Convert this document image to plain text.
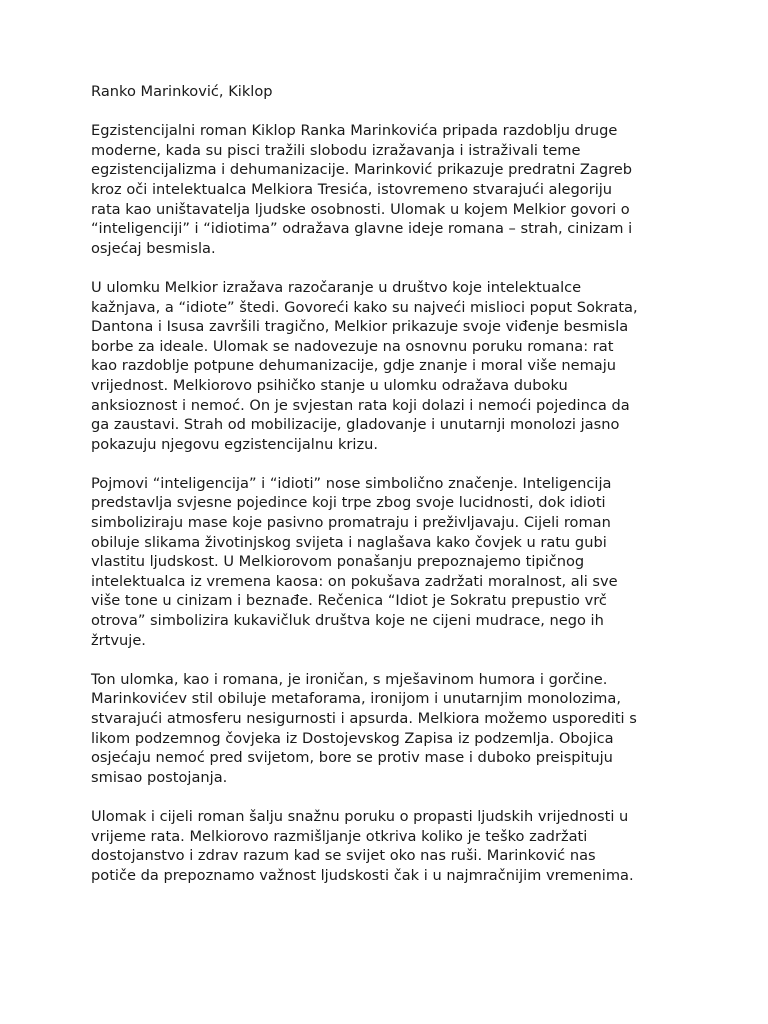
Ranko Marinković, Kiklop
Egzistencijalni roman Kiklop Ranka Marinkovića pripada razdoblju druge
moderne, kada su pisci tražili slobodu izražavanja i istraživali teme
egzistencijalizma i dehumanizacije. Marinković prikazuje predratni Zagreb
kroz oči intelektualca Melkiora Tresića, istovremeno stvarajući alegoriju
rata kao uništavatelja ljudske osobnosti. Ulomak u kojem Melkior govori o
“inteligenciji” i “idiotima” odražava glavne ideje romana – strah, cinizam i
osjećaj besmisla.
U ulomku Melkior izražava razočaranje u društvo koje intelektualce
kažnjava, a “idiote” štedi. Govoreći kako su najveći mislioci poput Sokrata,
Dantona i Isusa završili tragično, Melkior prikazuje svoje viđenje besmisla
borbe za ideale. Ulomak se nadovezuje na osnovnu poruku romana: rat
kao razdoblje potpune dehumanizacije, gdje znanje i moral više nemaju
vrijednost. Melkiorovo psihičko stanje u ulomku odražava duboku
anksioznost i nemoć. On je svjestan rata koji dolazi i nemoći pojedinca da
ga zaustavi. Strah od mobilizacije, gladovanje i unutarnji monolozi jasno
pokazuju njegovu egzistencijalnu krizu.
Pojmovi “inteligencija” i “idioti” nose simbolično značenje. Inteligencija
predstavlja svjesne pojedince koji trpe zbog svoje lucidnosti, dok idioti
simboliziraju mase koje pasivno promatraju i preživljavaju. Cijeli roman
obiluje slikama životinjskog svijeta i naglašava kako čovjek u ratu gubi
vlastitu ljudskost. U Melkiorovom ponašanju prepoznajemo tipičnog
intelektualca iz vremena kaosa: on pokušava zadržati moralnost, ali sve
više tone u cinizam i beznađe. Rečenica “Idiot je Sokratu prepustio vrč
otrova” simbolizira kukavičluk društva koje ne cijeni mudrace, nego ih
žrtvuje.
Ton ulomka, kao i romana, je ironičan, s mješavinom humora i gorčine.
Marinkovićev stil obiluje metaforama, ironijom i unutarnjim monolozima,
stvarajući atmosferu nesigurnosti i apsurda. Melkiora možemo usporediti s
likom podzemnog čovjeka iz Dostojevskog Zapisa iz podzemlja. Obojica
osjećaju nemoć pred svijetom, bore se protiv mase i duboko preispituju
smisao postojanja.
Ulomak i cijeli roman šalju snažnu poruku o propasti ljudskih vrijednosti u
vrijeme rata. Melkiorovo razmišljanje otkriva koliko je teško zadržati
dostojanstvo i zdrav razum kad se svijet oko nas ruši. Marinković nas
potiče da prepoznamo važnost ljudskosti čak i u najmračnijim vremenima.
